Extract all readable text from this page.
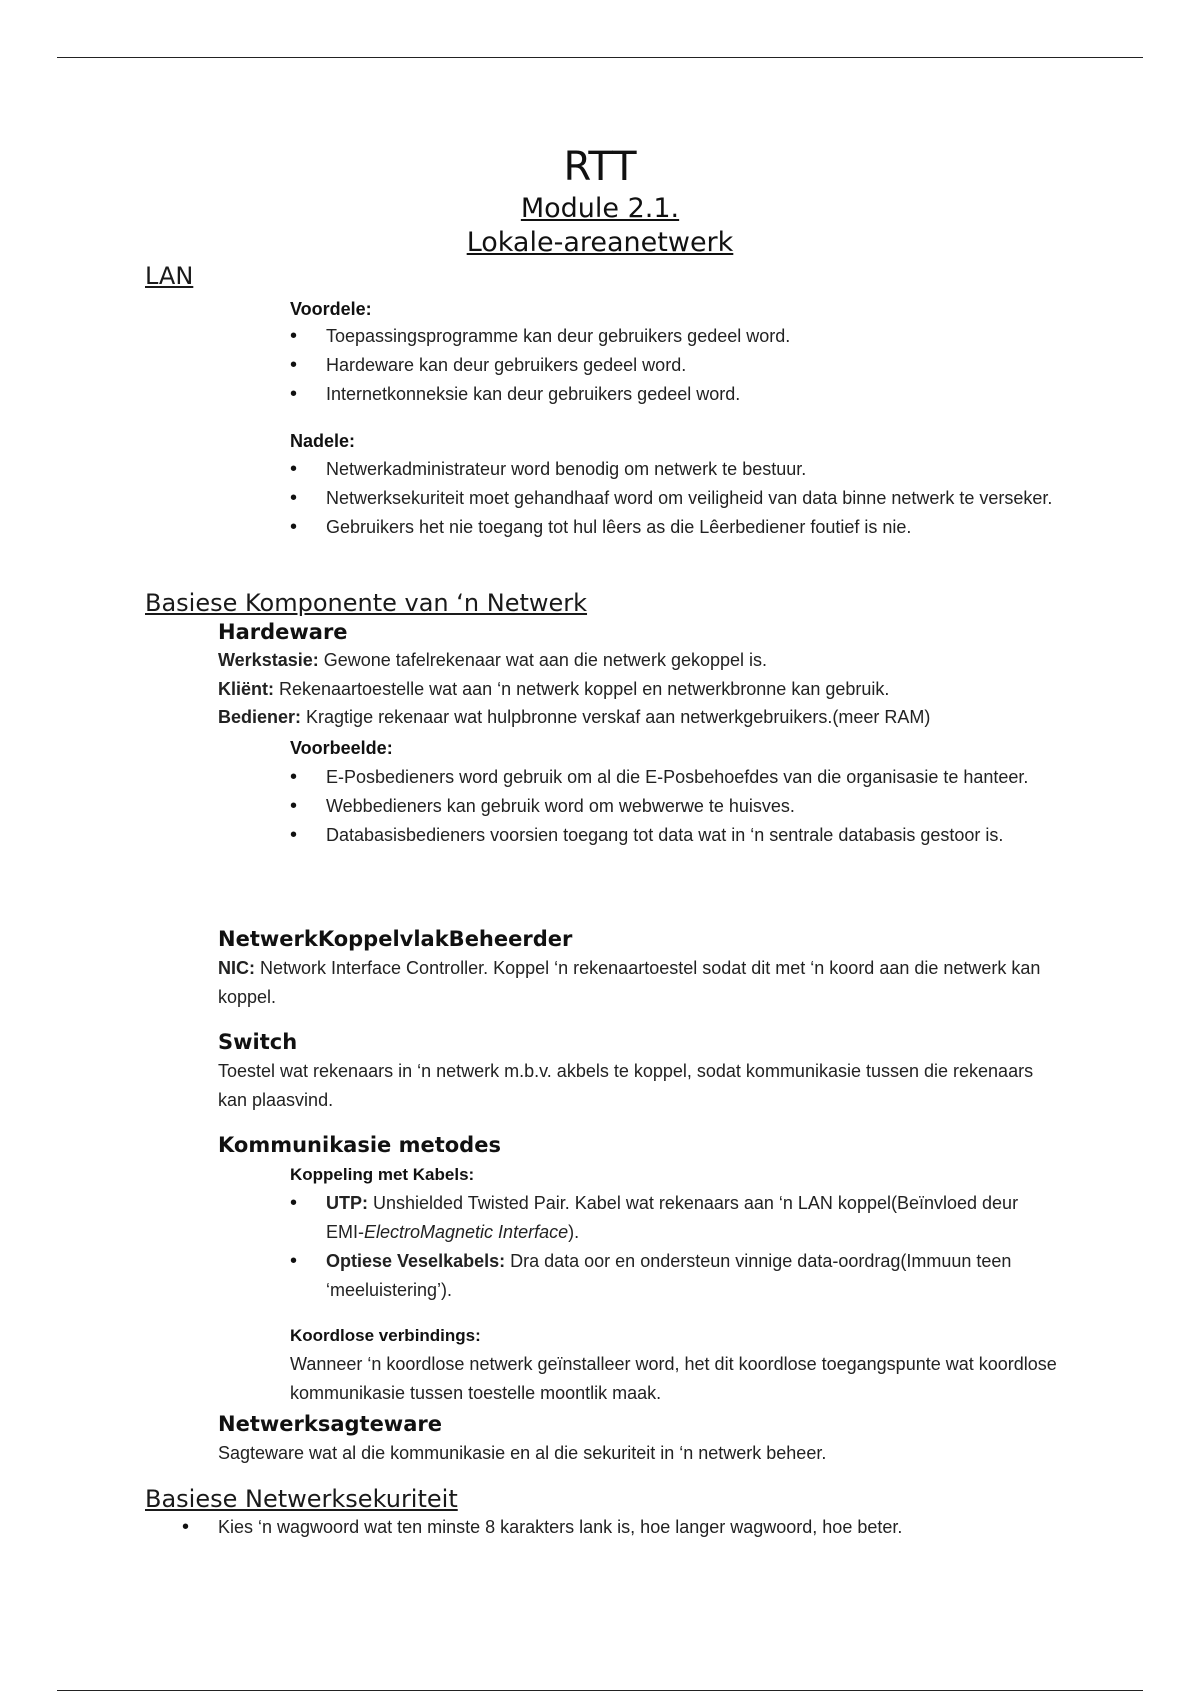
RTT
Module 2.1.
Lokale-areanetwerk
LAN
Voordele:
• Toepassingsprogramme kan deur gebruikers gedeel word.
• Hardeware kan deur gebruikers gedeel word.
• Internetkonneksie kan deur gebruikers gedeel word.
Nadele:
• Netwerkadministrateur word benodig om netwerk te bestuur.
• Netwerksekuriteit moet gehandhaaf word om veiligheid van data binne netwerk te verseker.
• Gebruikers het nie toegang tot hul lêers as die Lêerbediener foutief is nie.
Basiese Komponente van ‘n Netwerk
Hardeware
Werkstasie: Gewone tafelrekenaar wat aan die netwerk gekoppel is.
Kliënt: Rekenaartoestelle wat aan ‘n netwerk koppel en netwerkbronne kan gebruik.
Bediener: Kragtige rekenaar wat hulpbronne verskaf aan netwerkgebruikers.(meer RAM)
Voorbeelde:
• E-Posbedieners word gebruik om al die E-Posbehoefdes van die organisasie te hanteer.
• Webbedieners kan gebruik word om webwerwe te huisves.
• Databasisbedieners voorsien toegang tot data wat in ‘n sentrale databasis gestoor is.
NetwerkKoppelvlakBeheerder
NIC: Network Interface Controller. Koppel ‘n rekenaartoestel sodat dit met ‘n koord aan die netwerk kan koppel.
Switch
Toestel wat rekenaars in ‘n netwerk m.b.v. akbels te koppel, sodat kommunikasie tussen die rekenaars kan plaasvind.
Kommunikasie metodes
Koppeling met Kabels:
• UTP: Unshielded Twisted Pair. Kabel wat rekenaars aan ‘n LAN koppel(Beïnvloed deur EMI-ElectroMagnetic Interface).
• Optiese Veselkabels: Dra data oor en ondersteun vinnige data-oordrag(Immuun teen ‘meeluistering’).
Koordlose verbindings:
Wanneer ‘n koordlose netwerk geïnstalleer word, het dit koordlose toegangspunte wat koordlose kommunikasie tussen toestelle moontlik maak.
Netwerksagteware
Sagteware wat al die kommunikasie en al die sekuriteit in ‘n netwerk beheer.
Basiese Netwerksekuriteit
• Kies ‘n wagwoord wat ten minste 8 karakters lank is, hoe langer wagwoord, hoe beter.
